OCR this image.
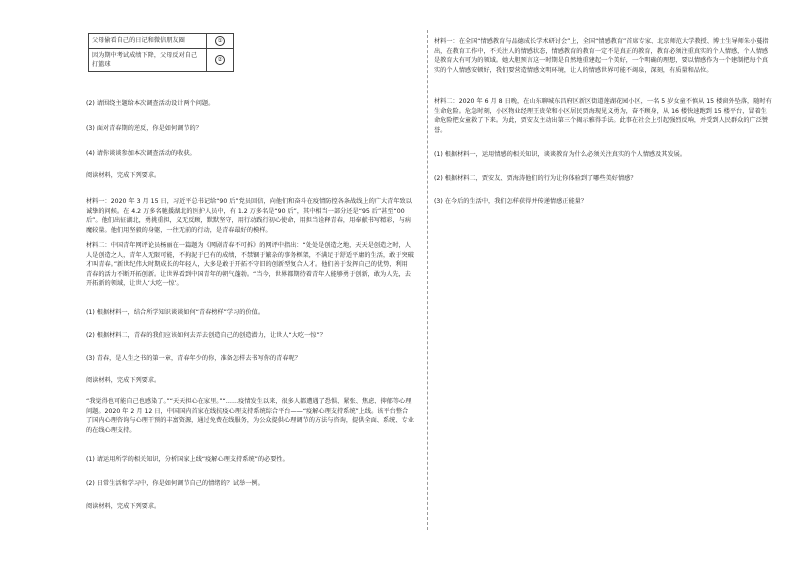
父母偷看自己的日记和微信朋友圈	①
因为期中考试成绩下降，父母反对自己打篮球	②

(2) 请围绕主题给本次调查活动设计两个问题。

(3) 面对青春期的逆反，你是如何调节的？

(4) 请你谈谈参加本次调查活动的收获。

阅读材料，完成下列要求。

材料一：2020 年 3 月 15 日，习近平总书记给“90 后”党员回信，向他们和奋斗在疫情防控各条战线上的广大青年致以诚挚的问候。在 4.2 万多名驰援湖北的医护人员中，有 1.2 万多名是“90 后”，其中相当一部分还是“95 后”甚至“00 后”。他们出征湖北，勇挑重担，义无反顾，默默坚守，用行动践行初心使命，用担当诠释青春，用奉献书写精彩，与病魔较量。他们用坚毅的身躯，一往无前的行动，是青春最好的模样。

材料二：中国青年网评论员杨丽在一篇题为《网剧青春不可拆》的网评中指出：“处处是创造之地，天天是创造之时，人人是创造之人，青年人无限可能，不拘泥于已有的成绩，不禁锢于繁杂的事务框架，不满足于舒适平庸的生活，敢于突破才叫青春。”新世纪伟大时期成长的年轻人，大多是敢于开拓不守旧的创新型复合人才。他们善于发挥自己的优势，利用青春的活力不断开拓创新。让世界看到中国青年的朝气蓬勃。“当今，世界都期待着青年人能够勇于创新，敢为人先，去开拓新的领域，让世人‘大吃一惊’。

(1) 根据材料一，结合所学知识谈谈如何“青春榜样”学习的价值。

(2) 根据材料二，青春的我们应该如何去弄去创造自己的创造潜力，让世人“大吃一惊”？

(3) 青春，是人生之书的第一章，青春年少的你，准备怎样去书写你的青春呢？

阅读材料，完成下列要求。

“我觉得也可能自己也感染了。”“天天担心在家里。”“……疫情发生以来，很多人都遭遇了恐惧、紧张、焦虑、抑郁等心理问题。2020 年 2 月 12 日，中国国内首家在线抗疫心理支持系统综合平台——“疫解心理支持系统”上线。该平台整合了国内心理咨询与心理干预的丰富资源，通过免费在线服务，为公众提供心理调节的方法与咨询，提供全面、系统、专业的在线心理支持。

(1) 请运用所学的相关知识，分析国家上线“疫解心理支持系统”的必要性。

(2) 日常生活和学习中，你是如何调节自己的情绪的？试举一例。

阅读材料，完成下列要求。

材料一：在全国“情感教育与品德成长学术研讨会”上，全国“情感教育”首席专家、北京师范大学教授、博士生导师朱小蔓指出，在教育工作中，不关注人的情感状态，情感教育的教育一定不是真正的教育，教育必须注重真实的个人情感，个人情感是教育大有可为的领域。她大胆预言这一时期是自然地重建起一个美好，一个明确的理想，要以情感作为一个建制把每个真实的个人情感安顿好，我们要营造情感文明环境，让人的情感世界可能不竭泉，深刻，有质量和品位。

材料二：2020 年 6 月 8 日晚，在山东聊城东昌府区新区街道莲湖花园小区，一名 5 岁女童不慎从 15 楼窗外坠落，随时有生命危险。危急时刻，小区物业经理王贵荣和小区居民贾海现见义勇为，奋不顾身，从 16 楼快速跑到 15 楼平台，冒着生命危险把女童救了下来。为此，贾安友主动出第三个揭示雅得手法。此事在社会上引起强烈反响，并受到人民群众的广泛赞誉。

(1) 根据材料一，运用情感的相关知识，谈谈教育为什么必须关注真实的个人情感及其发展。

(2) 根据材料二，贾安友、贾海涛他们的行为让你体验到了哪些美好情感？

(3) 在今后的生活中，我们怎样获得并传递情感正能量？
